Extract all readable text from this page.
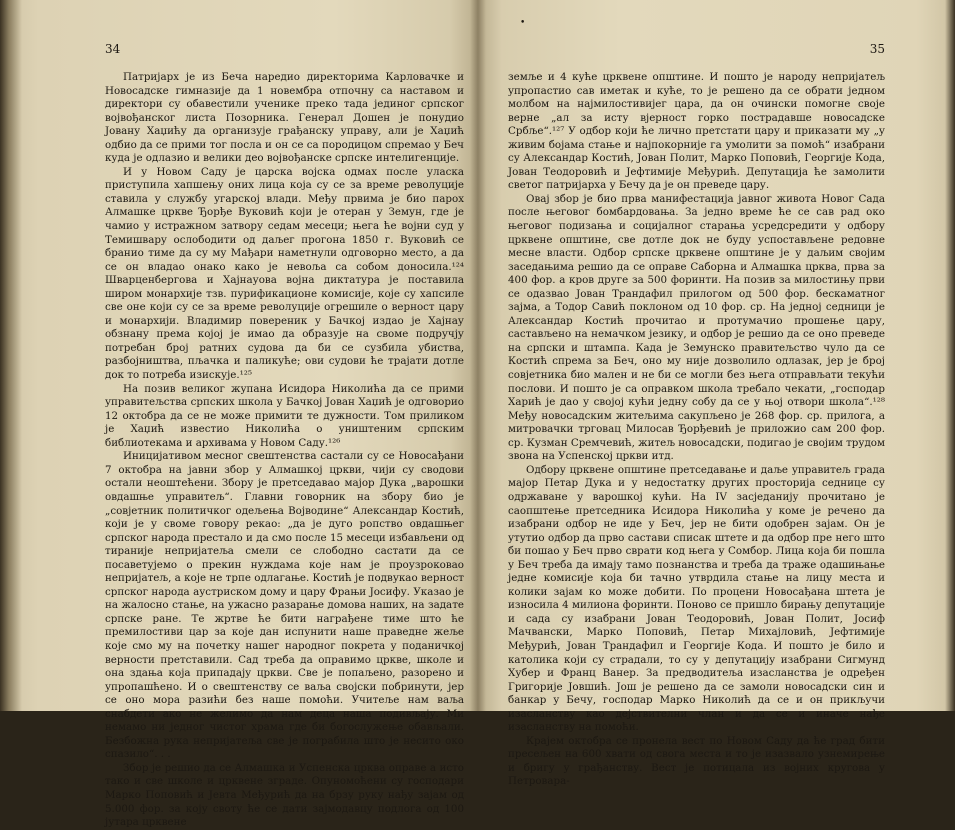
34

Патријарх је из Беча наредио директорима Карловачке и Новосадске гимназије да 1 новембра отпочну са наставом и директори су обавестили ученике преко тада јединог српског војвођанског листа Позорника. Генерал Дошен је понудио Јовану Хаџићу да организује грађанску управу, али је Хаџић одбио да се прими тог посла и он се са породицом спремао у Беч куда је одлазио и велики део војвођанске српске интелигенције.

И у Новом Саду је царска војска одмах после уласка приступила хапшењу оних лица која су се за време револуције ставила у службу угарској влади. Међу првима је био парох Алмашке цркве Ђорђе Вуковић који је отеран у Земун, где је чамио у истражном затвору седам месеци; њега ће војни суд у Темишвару ослободити од даљег прогона 1850 г. Вуковић се бранио тиме да су му Мађари наметнули одговорно место, а да се он владао онако како је невоља са собом доносила.¹²⁴ Шварценбергова и Хајнауова војна диктатура је поставила широм монархије тзв. пурификационе комисије, које су хапсиле све оне који су се за време револуције огрешиле о верност цару и монархији. Владимир повереник у Бачкој издао је Хајнау обзнану према којој је имао да образује на своме подручју потребан број ратних судова да би се сузбила убиства, разбојништва, пљачка и паликуће; ови судови ће трајати дотле док то потреба изискује.¹²⁵

На позив великог жупана Исидора Николића да се прими управитељства српских школа у Бачкој Јован Хаџић је одговорио 12 октобра да се не може примити те дужности. Том приликом је Хаџић известио Николића о уништеним српским библиотекама и архивама у Новом Саду.¹²⁶

Иницијативом месног свештенства састали су се Новосађани 7 октобра на јавни збор у Алмашкој цркви, чији су сводови остали неоштећени. Збору је претседавао мајор Дука „варошки овдашње управитељ“. Главни говорник на збору био је „совјетник политичког одељења Војводине“ Александар Костић, који је у своме говору рекао: „да је дуго ропство овдашњег српског народа престало и да смо после 15 месеци избављени од тираније непријатеља смели се слободно састати да се посаветујемо о прекин нуждама које нам је проузроковао непријатељ, а које не трпе одлагање. Костић је подвукао верност српског народа аустриском дому и цару Фрањи Јосифу. Указао је на жалосно стање, на ужасно разарање домова наших, на задате српске ране. Те жртве ће бити награђене тиме што ће премилостиви цар за које дан испунити наше праведне жеље које смо му на почетку нашег народног покрета у поданичкој верности претставили. Сад треба да оправимо цркве, школе и она здања која припадају цркви. Све је попаљено, разорено и упропашћено. И о свештенству се ваља својски побринути, јер се оно мора разићи без наше помоћи. Учитеље нам ваља снабдети ако не желимо да нам деца наша подивљају. Ми немамо ни једног чистог храма где би богослужење обављали. Безбожна рука непријатеља све је пограбила што је несито око спазило“. . .

Збор је решио да се Алмашка и Успенска црква оправе а исто тако и све школе и црквене зграде. Опуномоћени су господари Марко Поповић и Јевта Међурић да на брзу руку нађу зајам од 5.000 фор. за коју своту ће се дати зајмодавцу подлога од 100 јутара црквене

•
35

земље и 4 куће црквене општине. И пошто је народу непријатељ упропастио сав иметак и куће, то је решено да се обрати једном молбом на најмилостивијег цара, да он очински помогне своје верне „ал за исту вјерност горко пострадавше новосадске Србље“.¹²⁷ У одбор који ће лично претстати цару и приказати му „у живим бојама стање и најпокорније га умолити за помоћ“ изабрани су Александар Костић, Јован Полит, Марко Поповић, Георгије Кода, Јован Теодоровић и Јефтимије Међурић. Депутација ће замолити светог патријарха у Бечу да је он преведе цару.

Овај збор је био прва манифестација јавног живота Новог Сада после његовог бомбардовања. За једно време ће се сав рад око његовог подизања и социјалног старања усредсредити у одбору црквене општине, све дотле док не буду успостављене редовне месне власти. Одбор српске црквене општине је у даљим својим заседањима решио да се оправе Саборна и Алмашка црква, прва за 400 фор. а кров друге за 500 форинти. На позив за милостињу први се одазвао Јован Трандафил прилогом од 500 фор. бескаматног зајма, а Тодор Савић поклоном од 10 фор. ср. На једној седници је Александар Костић прочитао и протумачио прошење цару, састављено на немачком језику, и одбор је решио да се оно преведе на српски и штампа. Када је Земунско правитељство чуло да се Костић спрема за Беч, оно му није дозволило одлазак, јер је број совјетника био мален и не би се могли без њега отправљати текући послови. И пошто је са оправком школа требало чекати, „господар Харић је дао у својој кући једну собу да се у њој отвори школа“.¹²⁸ Међу новосадским житељима сакупљено је 268 фор. ср. прилога, а митровачки трговац Милосав Ђорђевић је приложио сам 200 фор. ср. Кузман Сремчевић, житељ новосадски, подигао је својим трудом звона на Успенској цркви итд.

Одбору црквене општине претседавање и даље управитељ града мајор Петар Дука и у недостатку других просторија седнице су одржаване у варошкој кући. На IV засједанију прочитано је саопштење претседника Исидора Николића у коме је речено да изабрани одбор не иде у Беч, јер не бити одобрен зајам. Он је утутио одбор да прво састави списак штете и да одбор пре него што би пошао у Беч прво сврати код њега у Сомбор. Лица која би пошла у Беч треба да имају тамо познанства и треба да траже одашињање једне комисије која би тачно утврдила стање на лицу места и колики зајам ко може добити. По процени Новосађана штета је износила 4 милиона форинти. Поново се пришло бирању депутације и сада су изабрани Јован Теодоровић, Јован Полит, Јосиф Мачвански, Марко Поповић, Петар Михајловић, Јефтимије Међурић, Јован Трандафил и Георгије Кода. И пошто је било и католика који су страдали, то су у депутацију изабрани Сигмунд Хубер и Франц Ванер. За предводитеља изасланства је одређен Григорије Јовшић. Још је решено да се замоли новосадски син и банкар у Бечу, господар Марко Николић да се и он прикључи изасланству као дејствителни члан и да се и иначе нађе изасланству на помоћи.

Крајем октобра се пронела вест по Новом Саду да ће град бити пресељен на 600 хвати од свога места и то је изазвало узнемирење и бригу у грађанству. Вест је потицала из војних кругова у Петроварa-
